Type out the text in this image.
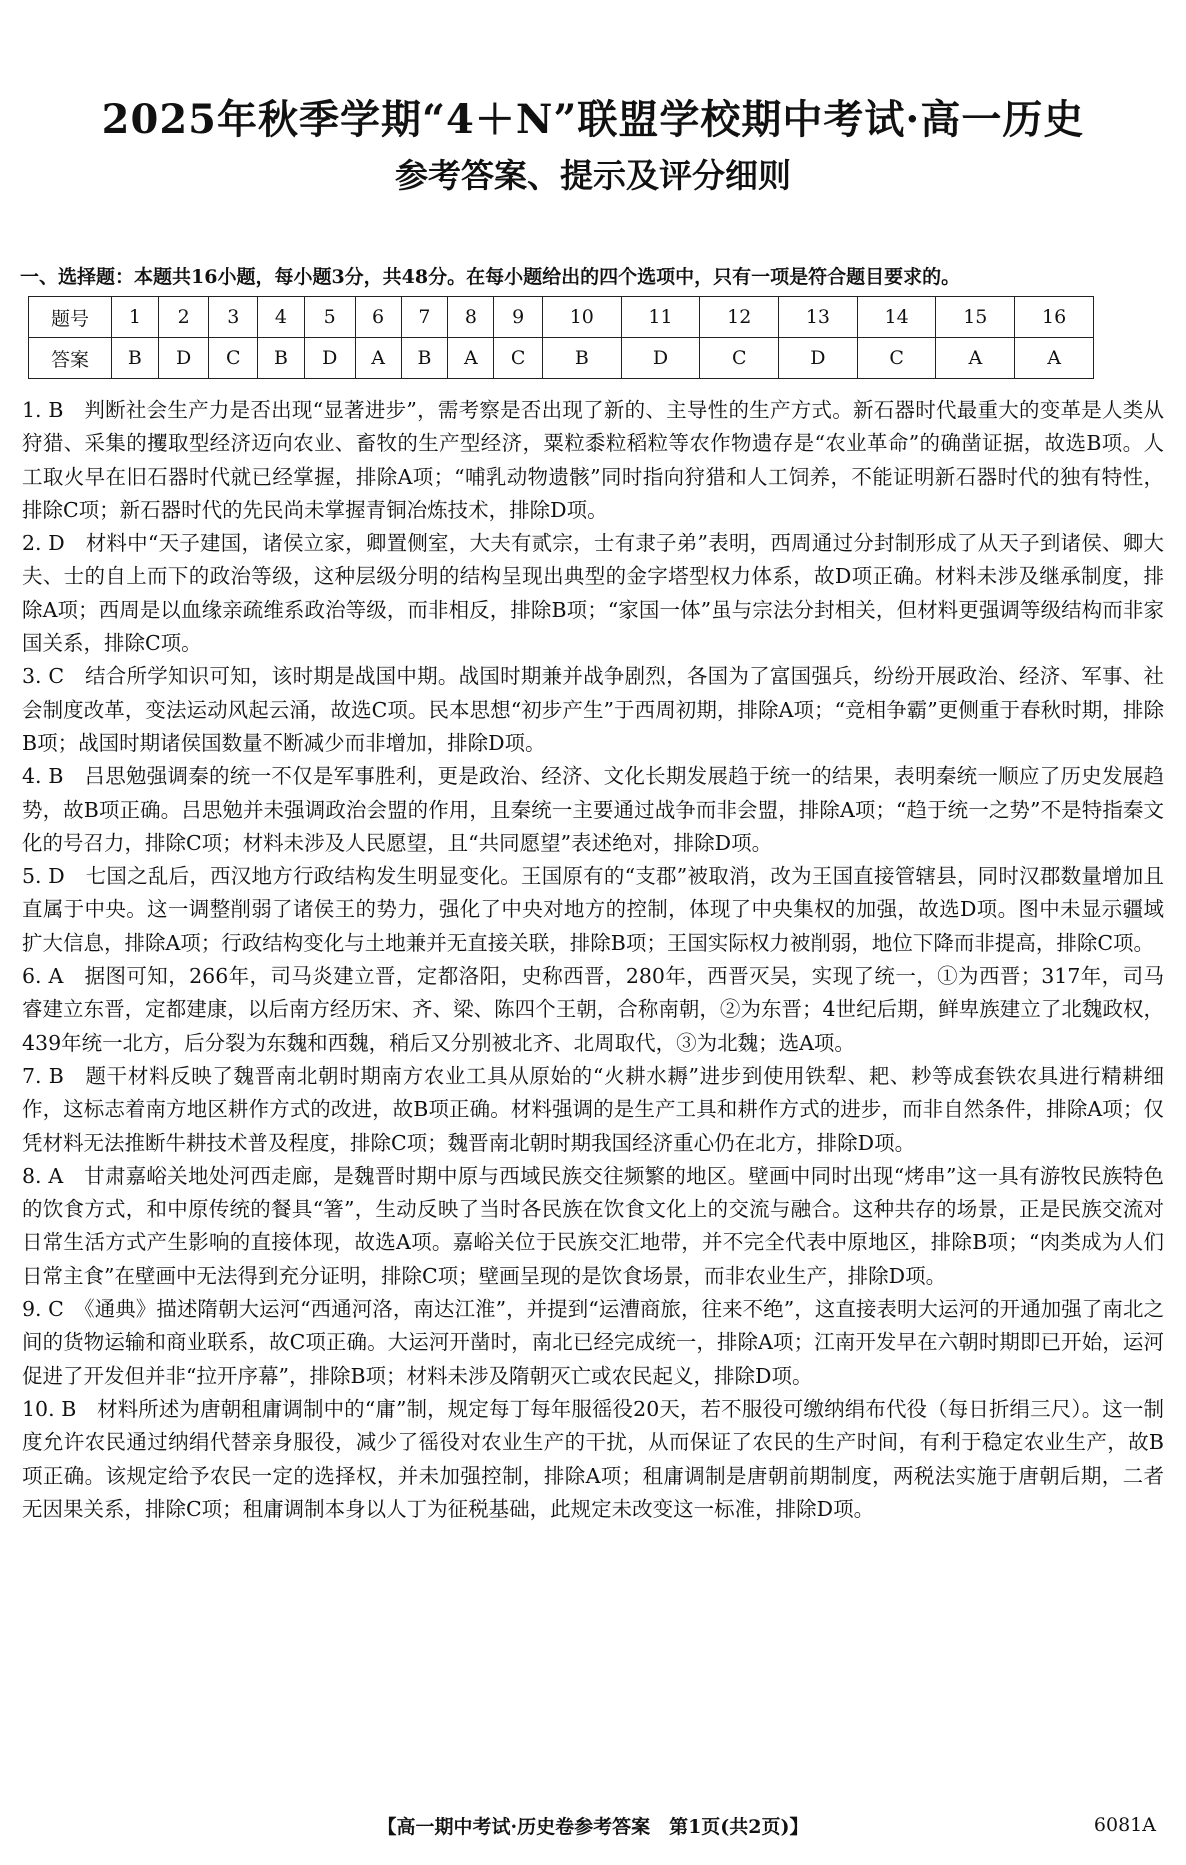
2025年秋季学期“4＋N”联盟学校期中考试·高一历史
参考答案、提示及评分细则
一、选择题：本题共16小题，每小题3分，共48分。在每小题给出的四个选项中，只有一项是符合题目要求的。
题号	1	2	3	4	5	6	7	8	9	10	11	12	13	14	15	16
答案	B	D	C	B	D	A	B	A	C	B	D	C	D	C	A	A

1. B　判断社会生产力是否出现“显著进步”，需考察是否出现了新的、主导性的生产方式。新石器时代最重大的变革是人类从狩猎、采集的攫取型经济迈向农业、畜牧的生产型经济，粟粒黍粒稻粒等农作物遗存是“农业革命”的确凿证据，故选B项。人工取火早在旧石器时代就已经掌握，排除A项；“哺乳动物遗骸”同时指向狩猎和人工饲养，不能证明新石器时代的独有特性，排除C项；新石器时代的先民尚未掌握青铜冶炼技术，排除D项。

2. D　材料中“天子建国，诸侯立家，卿置侧室，大夫有贰宗，士有隶子弟”表明，西周通过分封制形成了从天子到诸侯、卿大夫、士的自上而下的政治等级，这种层级分明的结构呈现出典型的金字塔型权力体系，故D项正确。材料未涉及继承制度，排除A项；西周是以血缘亲疏维系政治等级，而非相反，排除B项；“家国一体”虽与宗法分封相关，但材料更强调等级结构而非家国关系，排除C项。

3. C　结合所学知识可知，该时期是战国中期。战国时期兼并战争剧烈，各国为了富国强兵，纷纷开展政治、经济、军事、社会制度改革，变法运动风起云涌，故选C项。民本思想“初步产生”于西周初期，排除A项；“竞相争霸”更侧重于春秋时期，排除B项；战国时期诸侯国数量不断减少而非增加，排除D项。

4. B　吕思勉强调秦的统一不仅是军事胜利，更是政治、经济、文化长期发展趋于统一的结果，表明秦统一顺应了历史发展趋势，故B项正确。吕思勉并未强调政治会盟的作用，且秦统一主要通过战争而非会盟，排除A项；“趋于统一之势”不是特指秦文化的号召力，排除C项；材料未涉及人民愿望，且“共同愿望”表述绝对，排除D项。

5. D　七国之乱后，西汉地方行政结构发生明显变化。王国原有的“支郡”被取消，改为王国直接管辖县，同时汉郡数量增加且直属于中央。这一调整削弱了诸侯王的势力，强化了中央对地方的控制，体现了中央集权的加强，故选D项。图中未显示疆域扩大信息，排除A项；行政结构变化与土地兼并无直接关联，排除B项；王国实际权力被削弱，地位下降而非提高，排除C项。

6. A　据图可知，266年，司马炎建立晋，定都洛阳，史称西晋，280年，西晋灭吴，实现了统一，①为西晋；317年，司马睿建立东晋，定都建康，以后南方经历宋、齐、梁、陈四个王朝，合称南朝，②为东晋；4世纪后期，鲜卑族建立了北魏政权，439年统一北方，后分裂为东魏和西魏，稍后又分别被北齐、北周取代，③为北魏；选A项。

7. B　题干材料反映了魏晋南北朝时期南方农业工具从原始的“火耕水耨”进步到使用铁犁、耙、耖等成套铁农具进行精耕细作，这标志着南方地区耕作方式的改进，故B项正确。材料强调的是生产工具和耕作方式的进步，而非自然条件，排除A项；仅凭材料无法推断牛耕技术普及程度，排除C项；魏晋南北朝时期我国经济重心仍在北方，排除D项。

8. A　甘肃嘉峪关地处河西走廊，是魏晋时期中原与西域民族交往频繁的地区。壁画中同时出现“烤串”这一具有游牧民族特色的饮食方式，和中原传统的餐具“箸”，生动反映了当时各民族在饮食文化上的交流与融合。这种共存的场景，正是民族交流对日常生活方式产生影响的直接体现，故选A项。嘉峪关位于民族交汇地带，并不完全代表中原地区，排除B项；“肉类成为人们日常主食”在壁画中无法得到充分证明，排除C项；壁画呈现的是饮食场景，而非农业生产，排除D项。

9. C　《通典》描述隋朝大运河“西通河洛，南达江淮”，并提到“运漕商旅，往来不绝”，这直接表明大运河的开通加强了南北之间的货物运输和商业联系，故C项正确。大运河开凿时，南北已经完成统一，排除A项；江南开发早在六朝时期即已开始，运河促进了开发但并非“拉开序幕”，排除B项；材料未涉及隋朝灭亡或农民起义，排除D项。

10. B　材料所述为唐朝租庸调制中的“庸”制，规定每丁每年服徭役20天，若不服役可缴纳绢布代役（每日折绢三尺）。这一制度允许农民通过纳绢代替亲身服役，减少了徭役对农业生产的干扰，从而保证了农民的生产时间，有利于稳定农业生产，故B项正确。该规定给予农民一定的选择权，并未加强控制，排除A项；租庸调制是唐朝前期制度，两税法实施于唐朝后期，二者无因果关系，排除C项；租庸调制本身以人丁为征税基础，此规定未改变这一标准，排除D项。

【高一期中考试·历史卷参考答案　第1页(共2页)】	6081A
